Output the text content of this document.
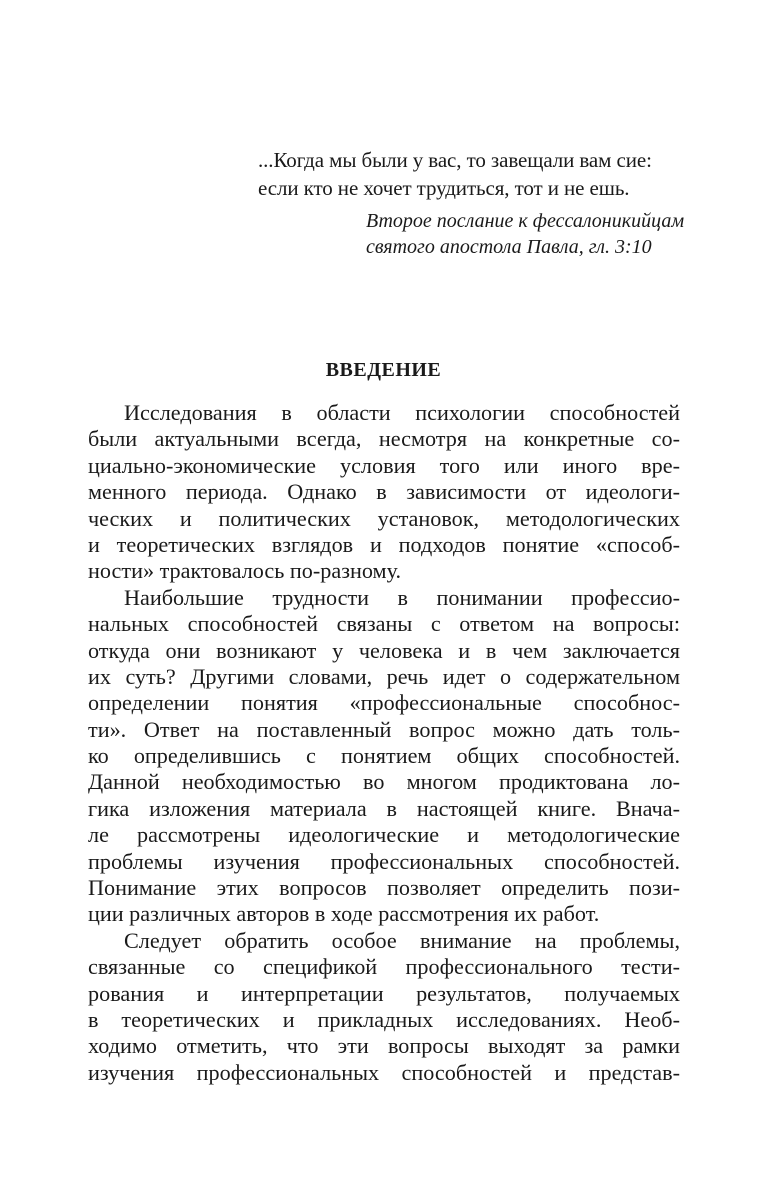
...Когда мы были у вас, то завещали вам сие:
если кто не хочет трудиться, тот и не ешь.
Второе послание к фессалоникийцам
святого апостола Павла, гл. 3:10
ВВЕДЕНИЕ
Исследования в области психологии способностей
были актуальными всегда, несмотря на конкретные со-
циально-экономические условия того или иного вре-
менного периода. Однако в зависимости от идеологи-
ческих и политических установок, методологических
и теоретических взглядов и подходов понятие «способ-
ности» трактовалось по-разному.
Наибольшие трудности в понимании профессио-
нальных способностей связаны с ответом на вопросы:
откуда они возникают у человека и в чем заключается
их суть? Другими словами, речь идет о содержательном
определении понятия «профессиональные способнос-
ти». Ответ на поставленный вопрос можно дать толь-
ко определившись с понятием общих способностей.
Данной необходимостью во многом продиктована ло-
гика изложения материала в настоящей книге. Внача-
ле рассмотрены идеологические и методологические
проблемы изучения профессиональных способностей.
Понимание этих вопросов позволяет определить пози-
ции различных авторов в ходе рассмотрения их работ.
Следует обратить особое внимание на проблемы,
связанные со спецификой профессионального тести-
рования и интерпретации результатов, получаемых
в теоретических и прикладных исследованиях. Необ-
ходимо отметить, что эти вопросы выходят за рамки
изучения профессиональных способностей и представ-
